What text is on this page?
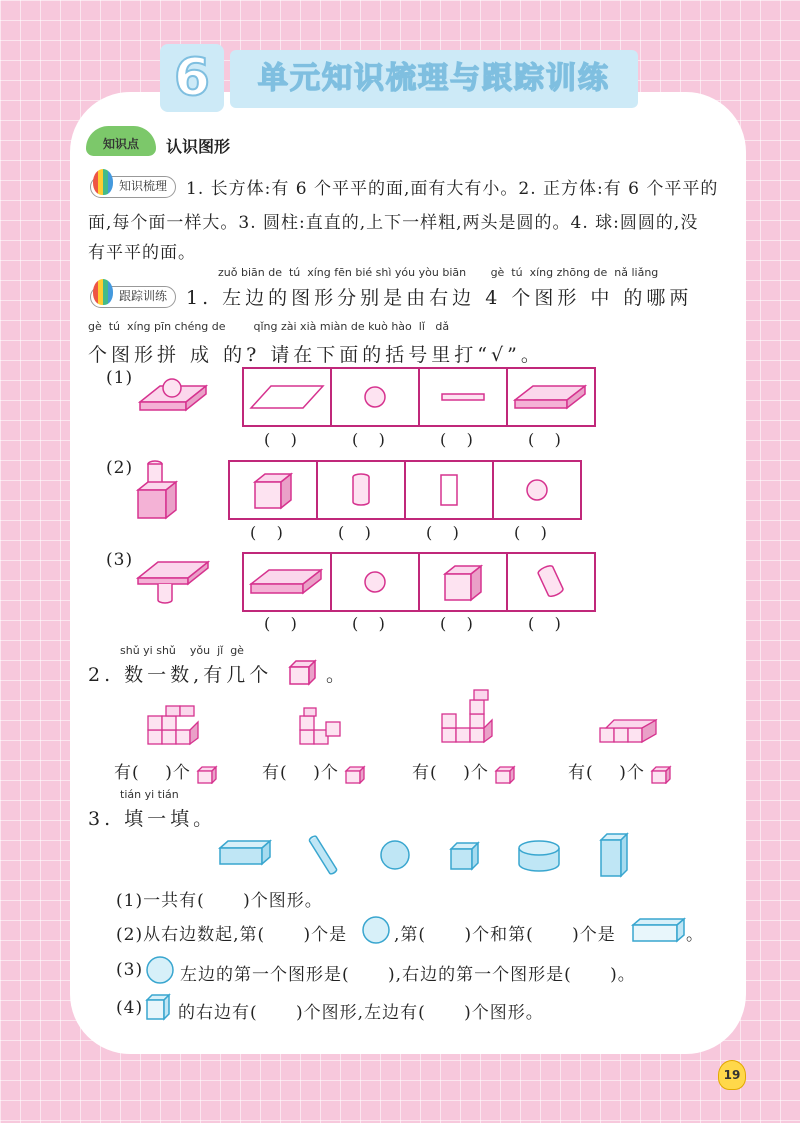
6	单元知识梳理与跟踪训练
知识点	认识图形
知识梳理	1. 长方体:有 6 个平平的面,面有大有小。2. 正方体:有 6 个平平的
面,每个面一样大。3. 圆柱:直直的,上下一样粗,两头是圆的。4. 球:圆圆的,没
有平平的面。
zuǒ biān de  tú  xíng fēn bié shì yóu yòu biān       gè  tú  xíng zhōng de  nǎ liǎng
跟踪训练 1. 左边的图形分别是由右边 4 个图形 中 的哪两
gè  tú  xíng pīn chéng de        qǐng zài xià miàn de kuò hào  lǐ   dǎ
个图形拼 成 的? 请在下面的括号里打“√”。
(1)
(    )	(    )	(    )	(    )
(2)
(    )	(    )	(    )	(    )
(3)
(    )	(    )	(    )	(    )
shǔ yi shǔ    yǒu  jǐ  gè
2. 数一数,有几个	。
有(    )个	有(    )个	有(    )个	有(    )个
tián yi tián
3. 填一填。
(1)一共有(      )个图形。
(2)从右边数起,第(      )个是	,第(      )个和第(      )个是	。
(3) 左边的第一个图形是(      ),右边的第一个图形是(      )。
(4) 的右边有(      )个图形,左边有(      )个图形。
19
